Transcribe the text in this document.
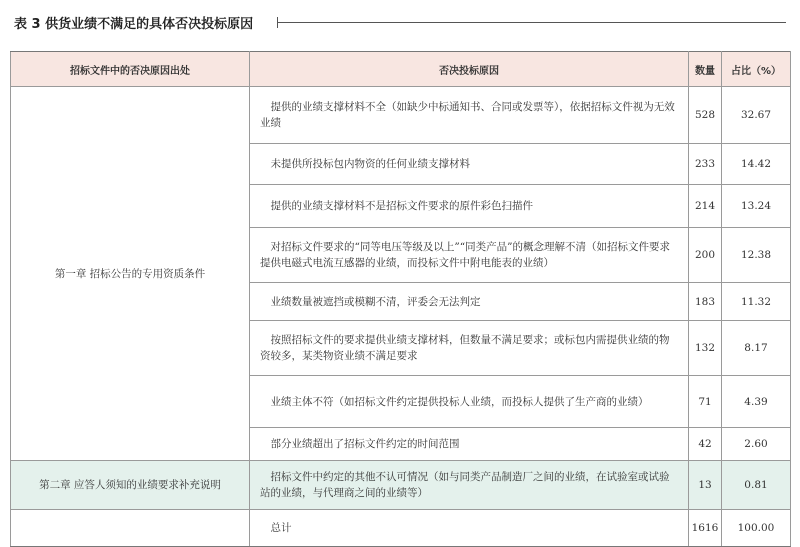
表 3 供货业绩不满足的具体否决投标原因
招标文件中的否决原因出处	否决投标原因	数量	占比（%）
第一章 招标公告的专用资质条件	提供的业绩支撑材料不全（如缺少中标通知书、合同或发票等），依据招标文件视为无效业绩	528	32.67
	未提供所投标包内物资的任何业绩支撑材料	233	14.42
	提供的业绩支撑材料不是招标文件要求的原件彩色扫描件	214	13.24
	对招标文件要求的“同等电压等级及以上”“同类产品”的概念理解不清（如招标文件要求提供电磁式电流互感器的业绩，而投标文件中附电能表的业绩）	200	12.38
	业绩数量被遮挡或模糊不清，评委会无法判定	183	11.32
	按照招标文件的要求提供业绩支撑材料，但数量不满足要求；或标包内需提供业绩的物资较多，某类物资业绩不满足要求	132	8.17
	业绩主体不符（如招标文件约定提供投标人业绩，而投标人提供了生产商的业绩）	71	4.39
	部分业绩超出了招标文件约定的时间范围	42	2.60
第二章 应答人须知的业绩要求补充说明	招标文件中约定的其他不认可情况（如与同类产品制造厂之间的业绩，在试验室或试验站的业绩，与代理商之间的业绩等）	13	0.81
	总计	1616	100.00
